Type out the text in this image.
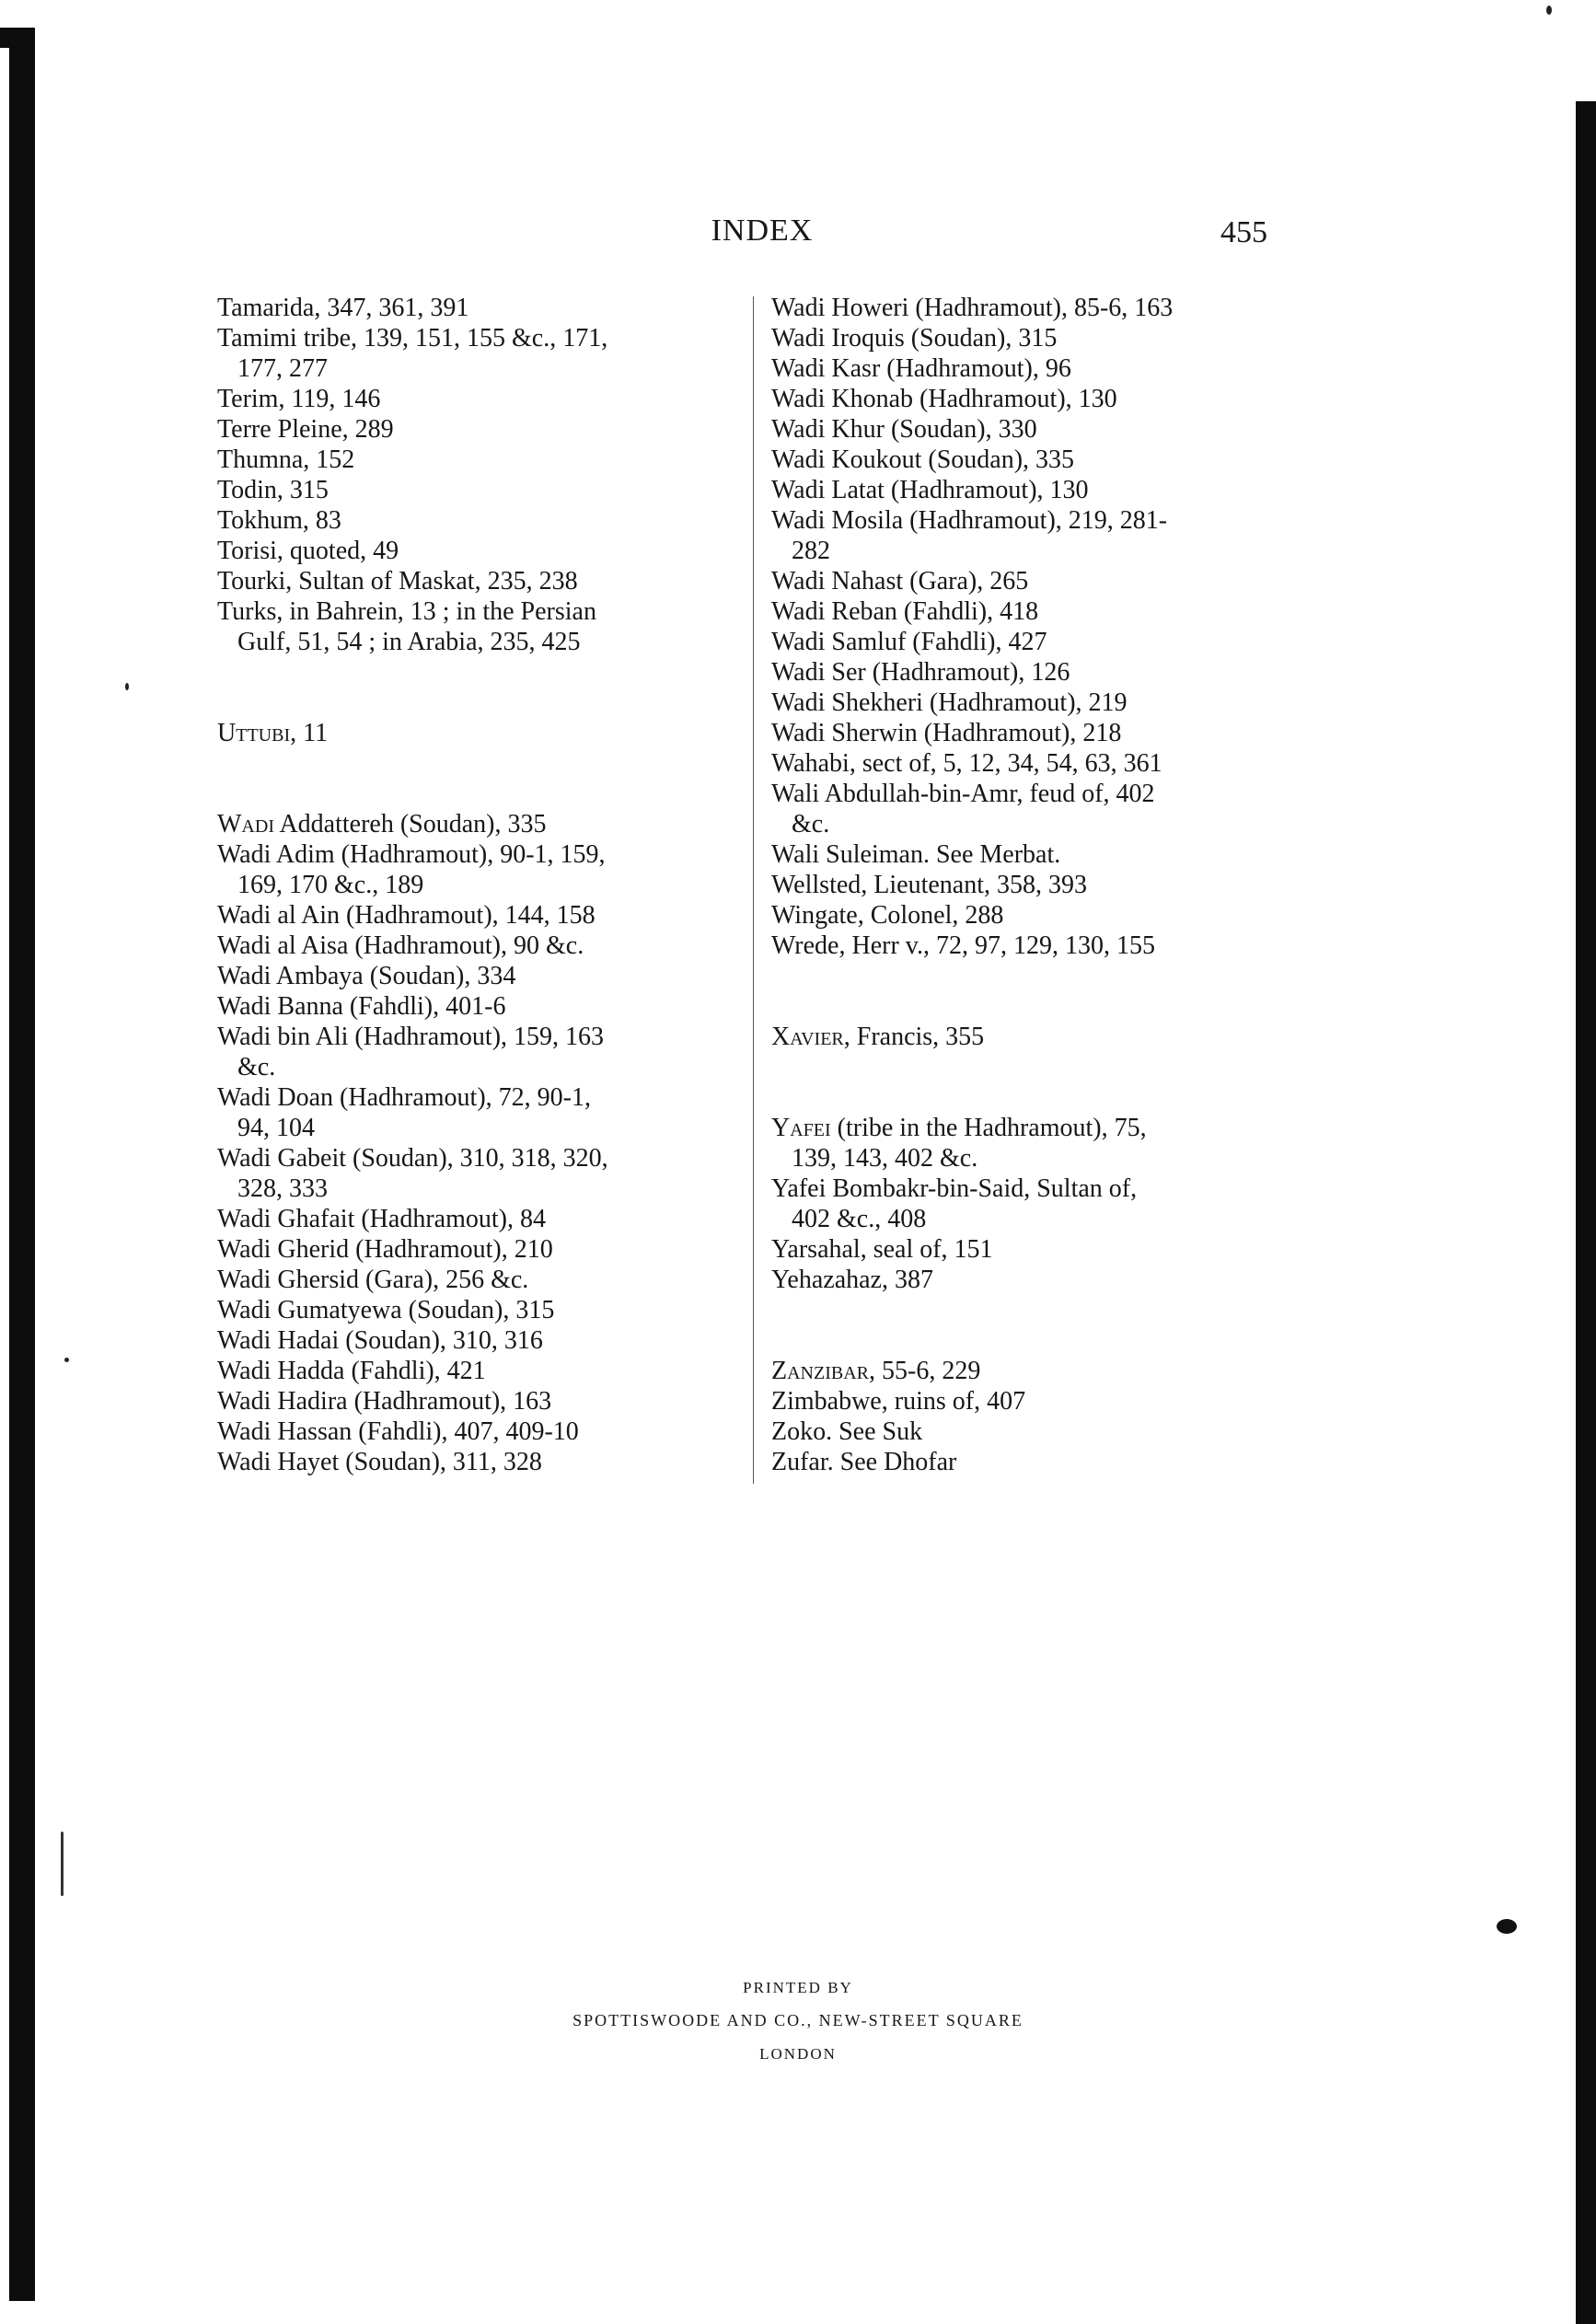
INDEX	455
Tamarida, 347, 361, 391
Tamimi tribe, 139, 151, 155 &c., 171,
177, 277
Terim, 119, 146
Terre Pleine, 289
Thumna, 152
Todin, 315
Tokhum, 83
Torisi, quoted, 49
Tourki, Sultan of Maskat, 235, 238
Turks, in Bahrein, 13 ; in the Persian
Gulf, 51, 54 ; in Arabia, 235, 425
Uttubi, 11
Wadi Addattereh (Soudan), 335
Wadi Adim (Hadhramout), 90-1, 159,
169, 170 &c., 189
Wadi al Ain (Hadhramout), 144, 158
Wadi al Aisa (Hadhramout), 90 &c.
Wadi Ambaya (Soudan), 334
Wadi Banna (Fahdli), 401-6
Wadi bin Ali (Hadhramout), 159, 163
&c.
Wadi Doan (Hadhramout), 72, 90-1,
94, 104
Wadi Gabeit (Soudan), 310, 318, 320,
328, 333
Wadi Ghafait (Hadhramout), 84
Wadi Gherid (Hadhramout), 210
Wadi Ghersid (Gara), 256 &c.
Wadi Gumatyewa (Soudan), 315
Wadi Hadai (Soudan), 310, 316
Wadi Hadda (Fahdli), 421
Wadi Hadira (Hadhramout), 163
Wadi Hassan (Fahdli), 407, 409-10
Wadi Hayet (Soudan), 311, 328
Wadi Howeri (Hadhramout), 85-6, 163
Wadi Iroquis (Soudan), 315
Wadi Kasr (Hadhramout), 96
Wadi Khonab (Hadhramout), 130
Wadi Khur (Soudan), 330
Wadi Koukout (Soudan), 335
Wadi Latat (Hadhramout), 130
Wadi Mosila (Hadhramout), 219, 281-
282
Wadi Nahast (Gara), 265
Wadi Reban (Fahdli), 418
Wadi Samluf (Fahdli), 427
Wadi Ser (Hadhramout), 126
Wadi Shekheri (Hadhramout), 219
Wadi Sherwin (Hadhramout), 218
Wahabi, sect of, 5, 12, 34, 54, 63, 361
Wali Abdullah-bin-Amr, feud of, 402
&c.
Wali Suleiman. See Merbat.
Wellsted, Lieutenant, 358, 393
Wingate, Colonel, 288
Wrede, Herr v., 72, 97, 129, 130, 155
Xavier, Francis, 355
Yafei (tribe in the Hadhramout), 75,
139, 143, 402 &c.
Yafei Bombakr-bin-Said, Sultan of,
402 &c., 408
Yarsahal, seal of, 151
Yehazahaz, 387
Zanzibar, 55-6, 229
Zimbabwe, ruins of, 407
Zoko. See Suk
Zufar. See Dhofar
PRINTED BY
SPOTTISWOODE AND CO., NEW-STREET SQUARE
LONDON
